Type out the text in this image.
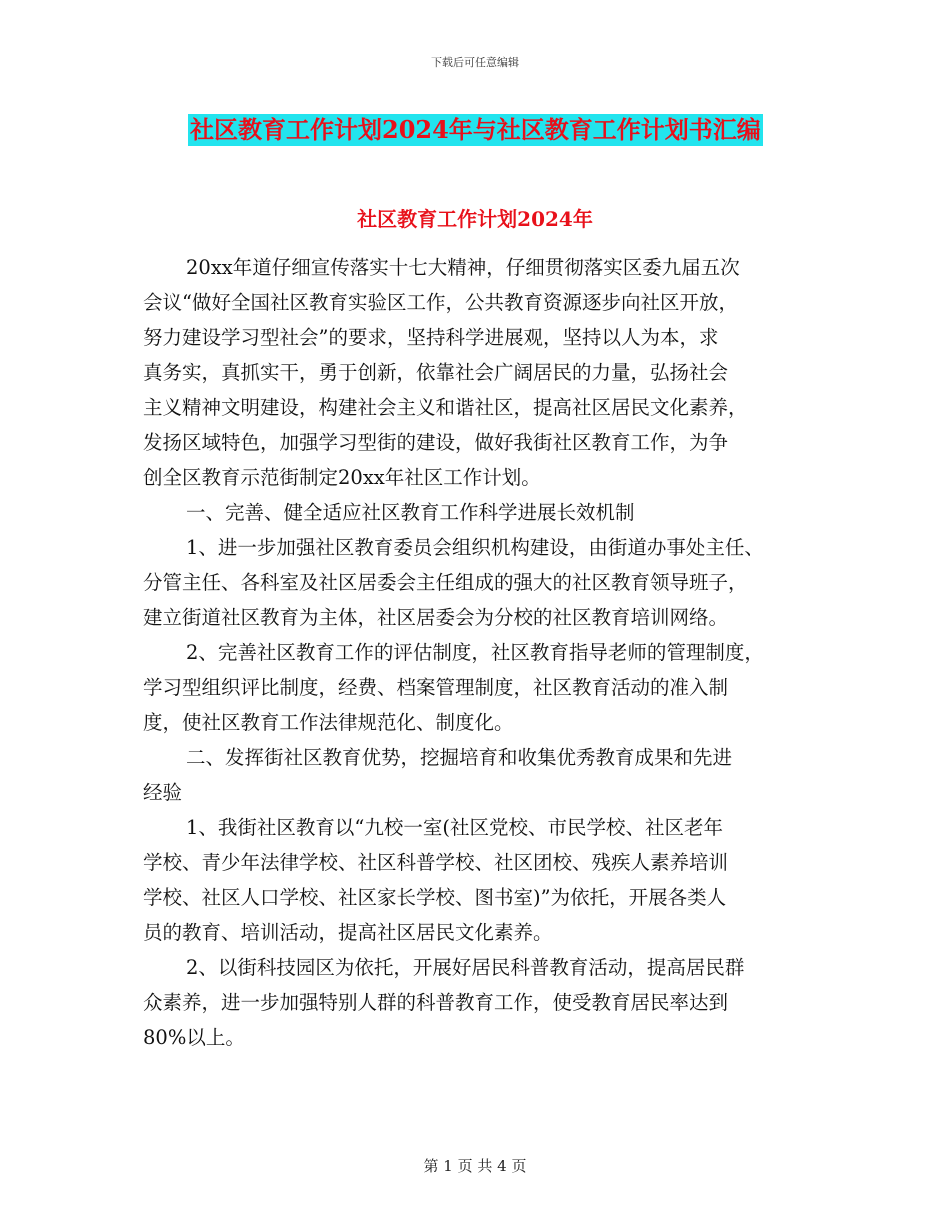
下载后可任意编辑
社区教育工作计划2024年与社区教育工作计划书汇编
社区教育工作计划2024年
20xx年道仔细宣传落实十七大精神，仔细贯彻落实区委九届五次
会议“做好全国社区教育实验区工作，公共教育资源逐步向社区开放，
努力建设学习型社会”的要求，坚持科学进展观，坚持以人为本，求
真务实，真抓实干，勇于创新，依靠社会广阔居民的力量，弘扬社会
主义精神文明建设，构建社会主义和谐社区，提高社区居民文化素养，
发扬区域特色，加强学习型街的建设，做好我街社区教育工作，为争
创全区教育示范街制定20xx年社区工作计划。
一、完善、健全适应社区教育工作科学进展长效机制
1、进一步加强社区教育委员会组织机构建设，由街道办事处主任、
分管主任、各科室及社区居委会主任组成的强大的社区教育领导班子，
建立街道社区教育为主体，社区居委会为分校的社区教育培训网络。
2、完善社区教育工作的评估制度，社区教育指导老师的管理制度，
学习型组织评比制度，经费、档案管理制度，社区教育活动的准入制
度，使社区教育工作法律规范化、制度化。
二、发挥街社区教育优势，挖掘培育和收集优秀教育成果和先进
经验
1、我街社区教育以“九校一室(社区党校、市民学校、社区老年
学校、青少年法律学校、社区科普学校、社区团校、残疾人素养培训
学校、社区人口学校、社区家长学校、图书室)”为依托，开展各类人
员的教育、培训活动，提高社区居民文化素养。
2、以街科技园区为依托，开展好居民科普教育活动，提高居民群
众素养，进一步加强特别人群的科普教育工作，使受教育居民率达到
80%以上。
第 1 页 共 4 页
